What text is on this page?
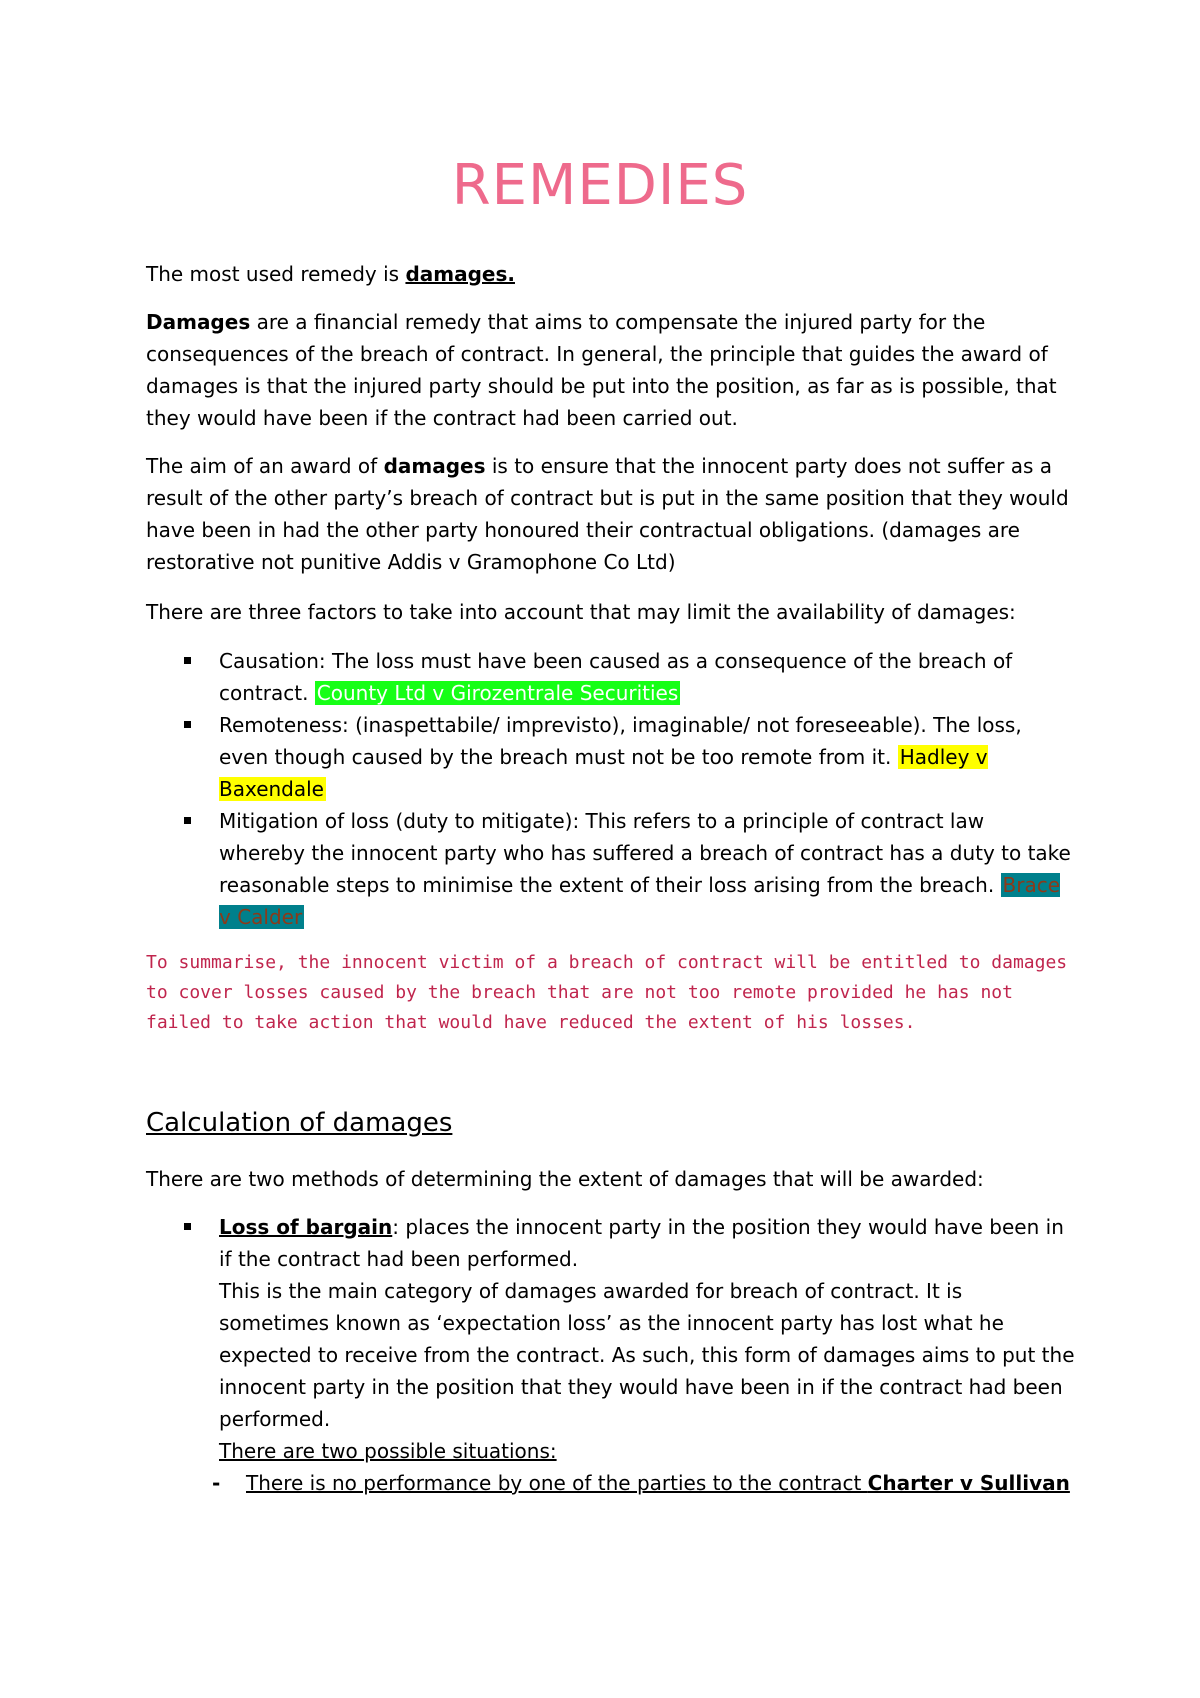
REMEDIES

The most used remedy is damages.

Damages are a financial remedy that aims to compensate the injured party for the consequences of the breach of contract. In general, the principle that guides the award of damages is that the injured party should be put into the position, as far as is possible, that they would have been if the contract had been carried out.

The aim of an award of damages is to ensure that the innocent party does not suffer as a result of the other party’s breach of contract but is put in the same position that they would have been in had the other party honoured their contractual obligations. (damages are restorative not punitive Addis v Gramophone Co Ltd)

There are three factors to take into account that may limit the availability of damages:

Causation: The loss must have been caused as a consequence of the breach of contract. County Ltd v Girozentrale Securities
Remoteness: (inaspettabile/ imprevisto), imaginable/ not foreseeable). The loss, even though caused by the breach must not be too remote from it. Hadley v Baxendale
Mitigation of loss (duty to mitigate): This refers to a principle of contract law whereby the innocent party who has suffered a breach of contract has a duty to take reasonable steps to minimise the extent of their loss arising from the breach. Brace v Calder

To summarise, the innocent victim of a breach of contract will be entitled to damages to cover losses caused by the breach that are not too remote provided he has not failed to take action that would have reduced the extent of his losses.

Calculation of damages

There are two methods of determining the extent of damages that will be awarded:

Loss of bargain: places the innocent party in the position they would have been in if the contract had been performed.
This is the main category of damages awarded for breach of contract. It is sometimes known as ‘expectation loss’ as the innocent party has lost what he expected to receive from the contract. As such, this form of damages aims to put the innocent party in the position that they would have been in if the contract had been performed.
There are two possible situations:
- There is no performance by one of the parties to the contract Charter v Sullivan
